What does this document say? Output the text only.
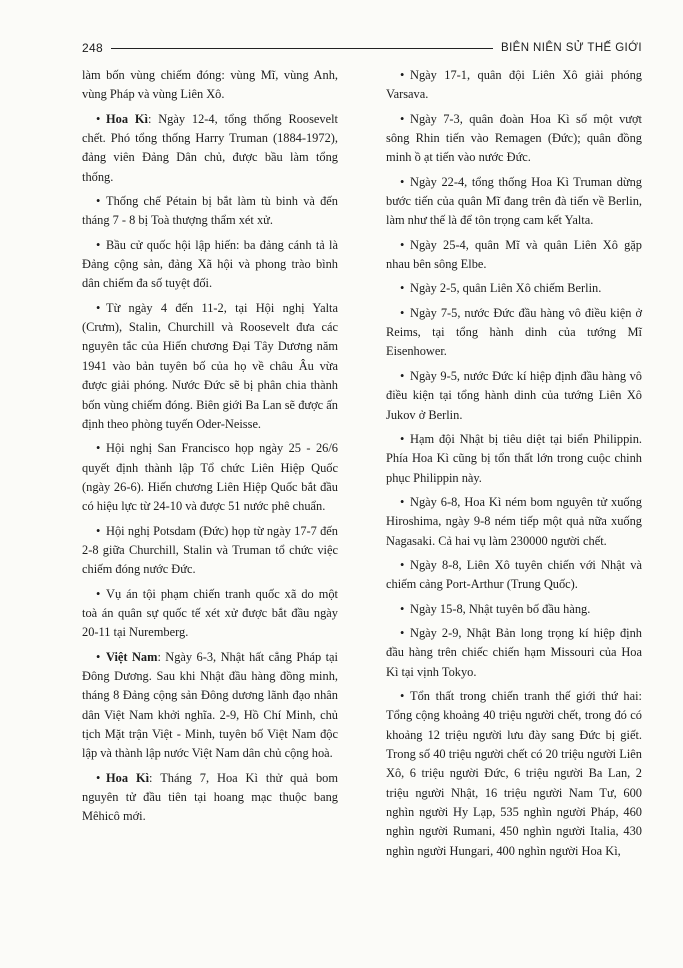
248	BIÊN NIÊN SỬ THẾ GIỚI

làm bốn vùng chiếm đóng: vùng Mĩ, vùng Anh, vùng Pháp và vùng Liên Xô.

• Hoa Kì: Ngày 12-4, tổng thống Roosevelt chết. Phó tổng thống Harry Truman (1884-1972), đảng viên Đảng Dân chủ, được bầu làm tổng thống.

• Thống chế Pétain bị bắt làm tù binh và đến tháng 7 - 8 bị Toà thượng thẩm xét xử.

• Bầu cử quốc hội lập hiến: ba đảng cánh tả là Đảng cộng sản, đảng Xã hội và phong trào bình dân chiếm đa số tuyệt đối.

• Từ ngày 4 đến 11-2, tại Hội nghị Yalta (Crưm), Stalin, Churchill và Roosevelt đưa các nguyên tắc của Hiến chương Đại Tây Dương năm 1941 vào bản tuyên bố của họ về châu Âu vừa được giải phóng. Nước Đức sẽ bị phân chia thành bốn vùng chiếm đóng. Biên giới Ba Lan sẽ được ấn định theo phòng tuyến Oder-Neisse.

• Hội nghị San Francisco họp ngày 25 - 26/6 quyết định thành lập Tổ chức Liên Hiệp Quốc (ngày 26-6). Hiến chương Liên Hiệp Quốc bắt đầu có hiệu lực từ 24-10 và được 51 nước phê chuẩn.

• Hội nghị Potsdam (Đức) họp từ ngày 17-7 đến 2-8 giữa Churchill, Stalin và Truman tổ chức việc chiếm đóng nước Đức.

• Vụ án tội phạm chiến tranh quốc xã do một toà án quân sự quốc tế xét xử được bắt đầu ngày 20-11 tại Nuremberg.

• Việt Nam: Ngày 6-3, Nhật hất cẳng Pháp tại Đông Dương. Sau khi Nhật đầu hàng đồng minh, tháng 8 Đảng cộng sản Đông dương lãnh đạo nhân dân Việt Nam khởi nghĩa. 2-9, Hồ Chí Minh, chủ tịch Mặt trận Việt - Minh, tuyên bố Việt Nam độc lập và thành lập nước Việt Nam dân chủ cộng hoà.

• Hoa Kì: Tháng 7, Hoa Kì thử quả bom nguyên tử đầu tiên tại hoang mạc thuộc bang Mêhicô mới.

• Ngày 17-1, quân đội Liên Xô giải phóng Varsava.

• Ngày 7-3, quân đoàn Hoa Kì số một vượt sông Rhin tiến vào Remagen (Đức); quân đồng minh ồ ạt tiến vào nước Đức.

• Ngày 22-4, tổng thống Hoa Kì Truman dừng bước tiến của quân Mĩ đang trên đà tiến về Berlin, làm như thế là để tôn trọng cam kết Yalta.

• Ngày 25-4, quân Mĩ và quân Liên Xô gặp nhau bên sông Elbe.

• Ngày 2-5, quân Liên Xô chiếm Berlin.

• Ngày 7-5, nước Đức đầu hàng vô điều kiện ở Reims, tại tổng hành dinh của tướng Mĩ Eisenhower.

• Ngày 9-5, nước Đức kí hiệp định đầu hàng vô điều kiện tại tổng hành dinh của tướng Liên Xô Jukov ở Berlin.

• Hạm đội Nhật bị tiêu diệt tại biển Philippin. Phía Hoa Kì cũng bị tổn thất lớn trong cuộc chinh phục Philippin này.

• Ngày 6-8, Hoa Kì ném bom nguyên tử xuống Hiroshima, ngày 9-8 ném tiếp một quả nữa xuống Nagasaki. Cả hai vụ làm 230000 người chết.

• Ngày 8-8, Liên Xô tuyên chiến với Nhật và chiếm cảng Port-Arthur (Trung Quốc).

• Ngày 15-8, Nhật tuyên bố đầu hàng.

• Ngày 2-9, Nhật Bản long trọng kí hiệp định đầu hàng trên chiếc chiến hạm Missouri của Hoa Kì tại vịnh Tokyo.

• Tổn thất trong chiến tranh thế giới thứ hai: Tổng cộng khoảng 40 triệu người chết, trong đó có khoảng 12 triệu người lưu đày sang Đức bị giết. Trong số 40 triệu người chết có 20 triệu người Liên Xô, 6 triệu người Đức, 6 triệu người Ba Lan, 2 triệu người Nhật, 16 triệu người Nam Tư, 600 nghìn người Hy Lạp, 535 nghìn người Pháp, 460 nghìn người Rumani, 450 nghìn người Italia, 430 nghìn người Hungari, 400 nghìn người Hoa Kì,
